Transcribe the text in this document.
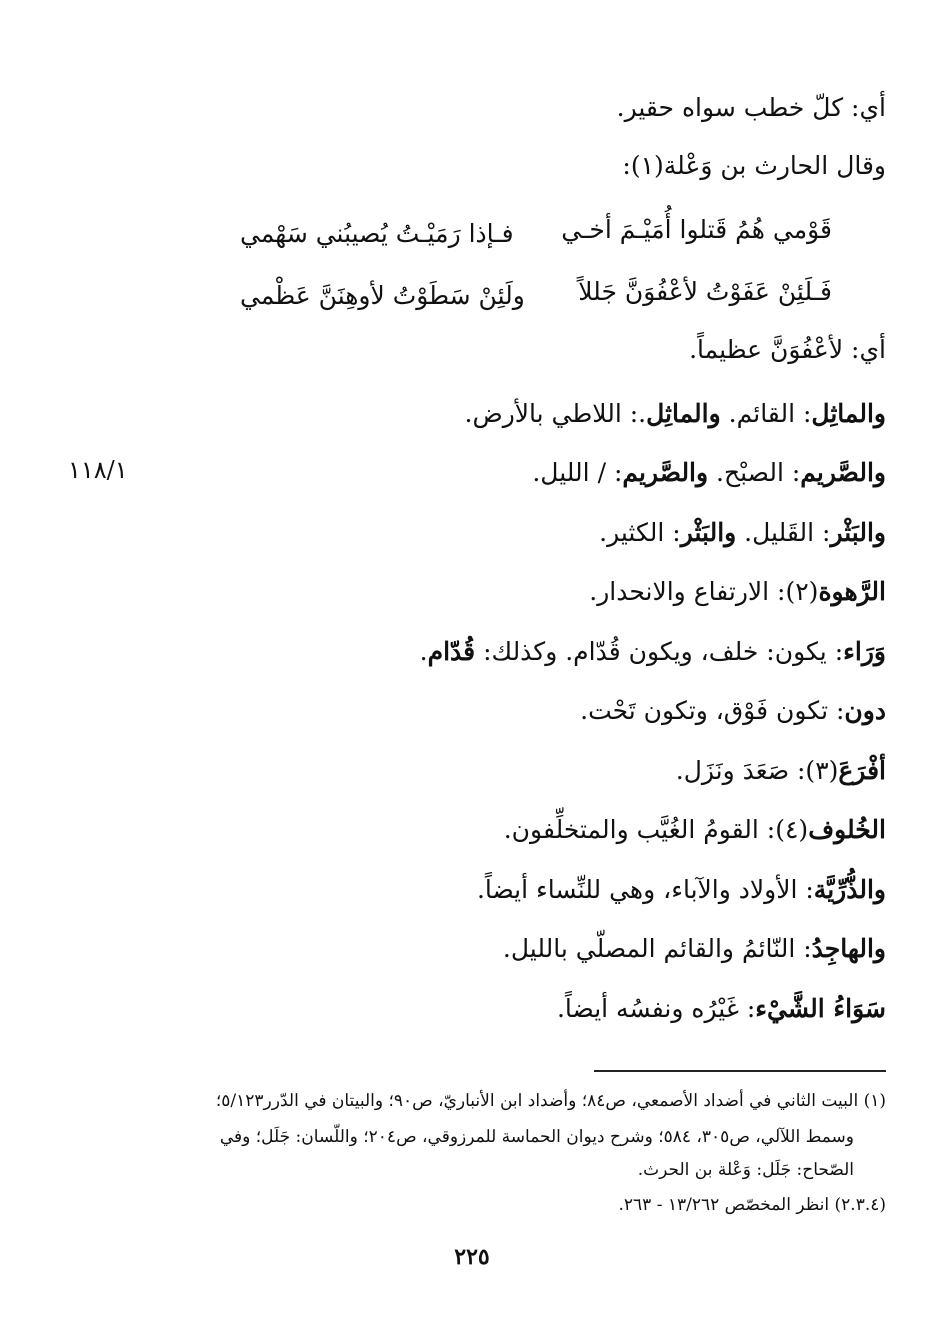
أي: كلّ خطب سواه حقير.
وقال الحارث بن وَعْلة(١):
قَوْمي هُمُ قَتلوا أُمَيْـمَ أخـي
فـإذا رَمَيْـتُ يُصيبُني سَهْمي
فَـلَئِنْ عَفَوْتُ لأعْفُوَنَّ جَللاً
ولَئِنْ سَطَوْتُ لأوهِنَنَّ عَظْمي
أي: لأعْفُوَنَّ عظيماً.
والماثِل: القائم. والماثِل.: اللاطي بالأرض.
والصَّريم: الصبْح. والصَّريم: / الليل.
والبَثْر: القَليل. والبَثْر: الكثير.
الرَّهوة(٢): الارتفاع والانحدار.
وَرَاء: يكون: خلف، ويكون قُدّام. وكذلك: قُدّام.
دون: تكون فَوْق، وتكون تَحْت.
أفْرَعَ(٣): صَعَدَ ونَزَل.
الخُلوف(٤): القومُ الغُيَّب والمتخلِّفون.
والذُّرِّيَّة: الأولاد والآباء، وهي للنِّساء أيضاً.
والهاجِدُ: النّائمُ والقائم المصلّي بالليل.
سَوَاءُ الشَّيْء: غَيْرُه ونفسُه أيضاً.
١١٨/١
(١) البيت الثاني في أضداد الأصمعي، ص٨٤؛ وأضداد ابن الأنباريّ، ص٩٠؛ والبيتان في الدّرر٥/١٢٣؛
وسمط اللآلي، ص٣٠٥، ٥٨٤؛ وشرح ديوان الحماسة للمرزوقي، ص٢٠٤؛ واللّسان: جَلَل؛ وفي
الصّحاح: جَلَل: وَعْلة بن الحرث.
(٢.٣.٤) انظر المخصّص ١٣/٢٦٢ - ٢٦٣.
٢٢٥
